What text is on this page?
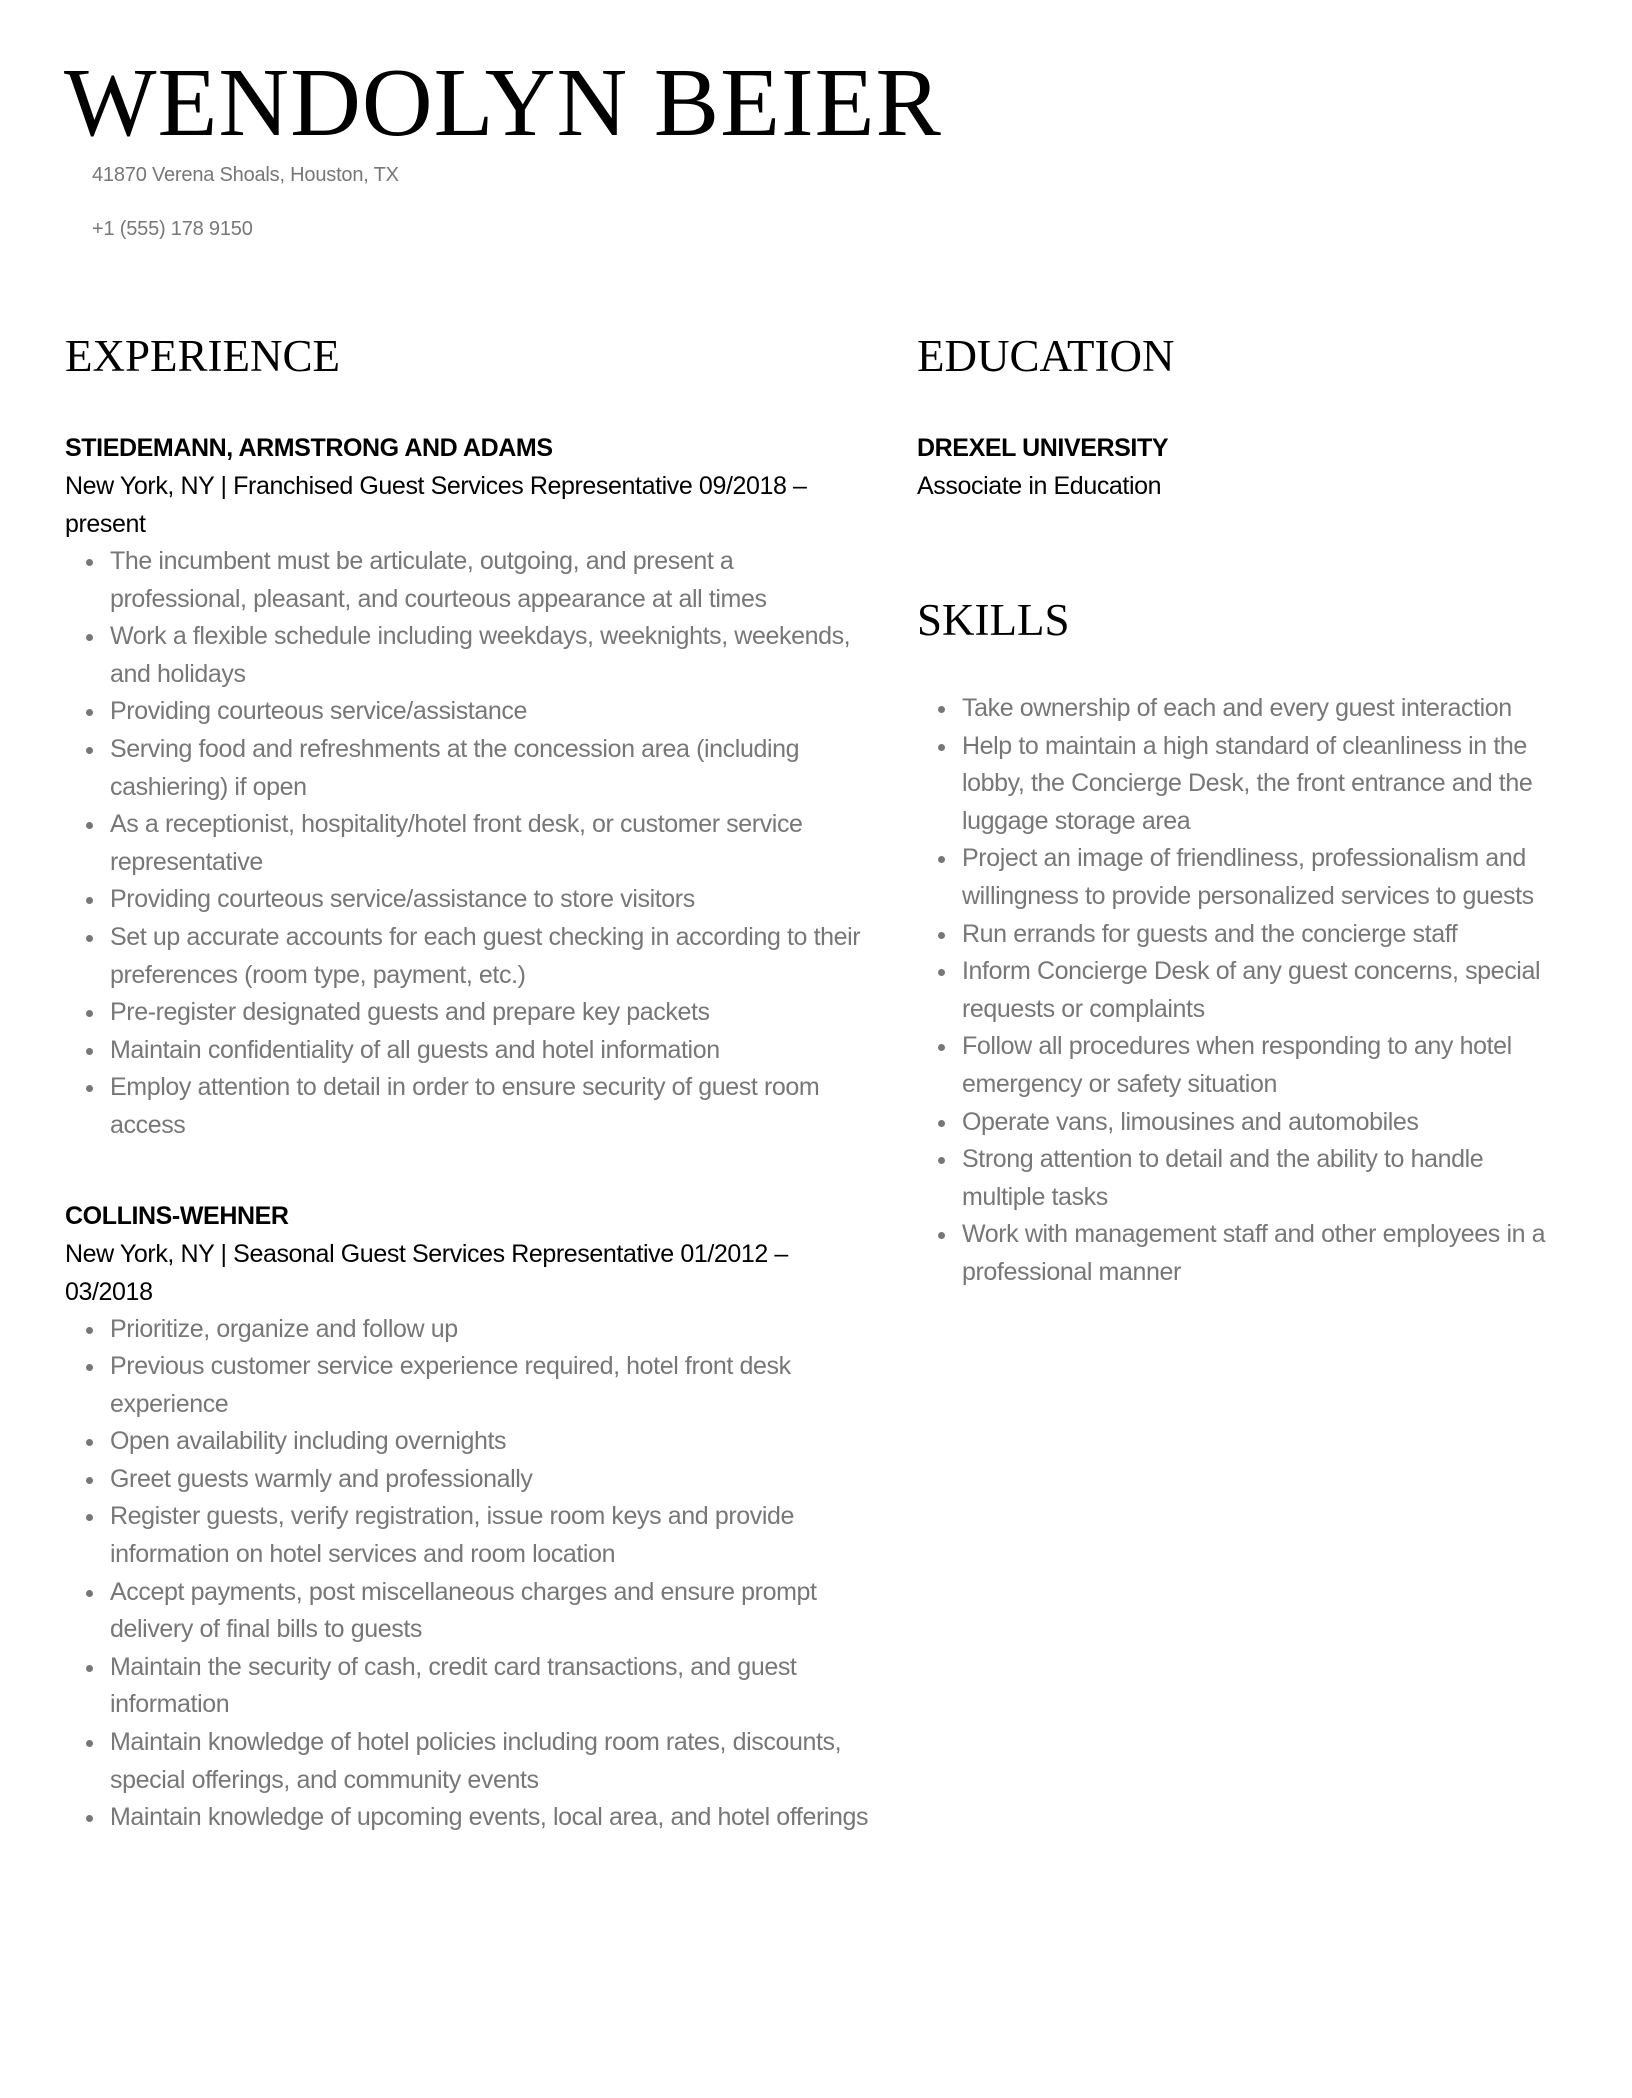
WENDOLYN BEIER
41870 Verena Shoals, Houston, TX
+1 (555) 178 9150
EXPERIENCE
STIEDEMANN, ARMSTRONG AND ADAMS
New York, NY | Franchised Guest Services Representative 09/2018 – present
The incumbent must be articulate, outgoing, and present a professional, pleasant, and courteous appearance at all times
Work a flexible schedule including weekdays, weeknights, weekends, and holidays
Providing courteous service/assistance
Serving food and refreshments at the concession area (including cashiering) if open
As a receptionist, hospitality/hotel front desk, or customer service representative
Providing courteous service/assistance to store visitors
Set up accurate accounts for each guest checking in according to their preferences (room type, payment, etc.)
Pre-register designated guests and prepare key packets
Maintain confidentiality of all guests and hotel information
Employ attention to detail in order to ensure security of guest room access
COLLINS-WEHNER
New York, NY | Seasonal Guest Services Representative 01/2012 – 03/2018
Prioritize, organize and follow up
Previous customer service experience required, hotel front desk experience
Open availability including overnights
Greet guests warmly and professionally
Register guests, verify registration, issue room keys and provide information on hotel services and room location
Accept payments, post miscellaneous charges and ensure prompt delivery of final bills to guests
Maintain the security of cash, credit card transactions, and guest information
Maintain knowledge of hotel policies including room rates, discounts, special offerings, and community events
Maintain knowledge of upcoming events, local area, and hotel offerings
EDUCATION
DREXEL UNIVERSITY
Associate in Education
SKILLS
Take ownership of each and every guest interaction
Help to maintain a high standard of cleanliness in the lobby, the Concierge Desk, the front entrance and the luggage storage area
Project an image of friendliness, professionalism and willingness to provide personalized services to guests
Run errands for guests and the concierge staff
Inform Concierge Desk of any guest concerns, special requests or complaints
Follow all procedures when responding to any hotel emergency or safety situation
Operate vans, limousines and automobiles
Strong attention to detail and the ability to handle multiple tasks
Work with management staff and other employees in a professional manner
